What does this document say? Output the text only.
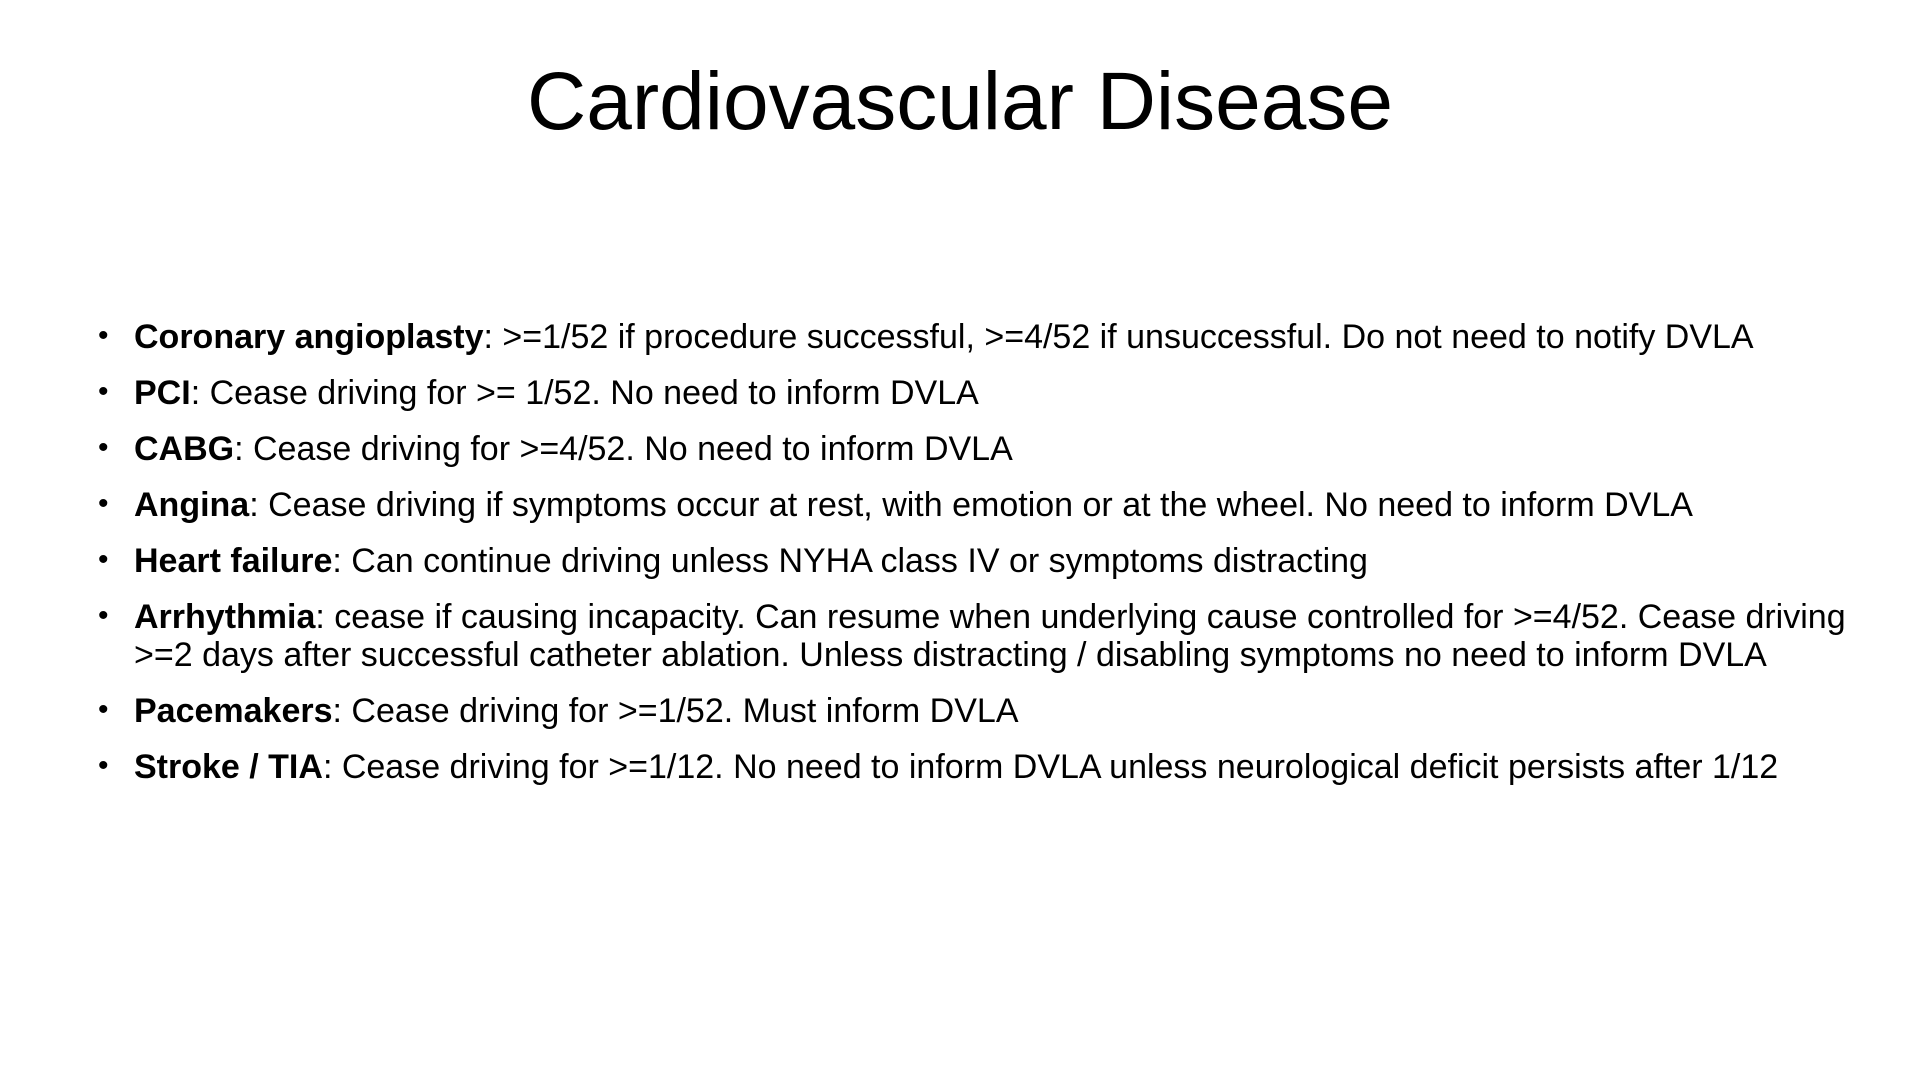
Cardiovascular Disease
• Coronary angioplasty: >=1/52 if procedure successful, >=4/52 if unsuccessful. Do not need to notify DVLA
• PCI: Cease driving for >= 1/52. No need to inform DVLA
• CABG: Cease driving for >=4/52. No need to inform DVLA
• Angina: Cease driving if symptoms occur at rest, with emotion or at the wheel. No need to inform DVLA
• Heart failure: Can continue driving unless NYHA class IV or symptoms distracting
• Arrhythmia: cease if causing incapacity. Can resume when underlying cause controlled for >=4/52. Cease driving >=2 days after successful catheter ablation. Unless distracting / disabling symptoms no need to inform DVLA
• Pacemakers: Cease driving for >=1/52. Must inform DVLA
• Stroke / TIA: Cease driving for >=1/12. No need to inform DVLA unless neurological deficit persists after 1/12
